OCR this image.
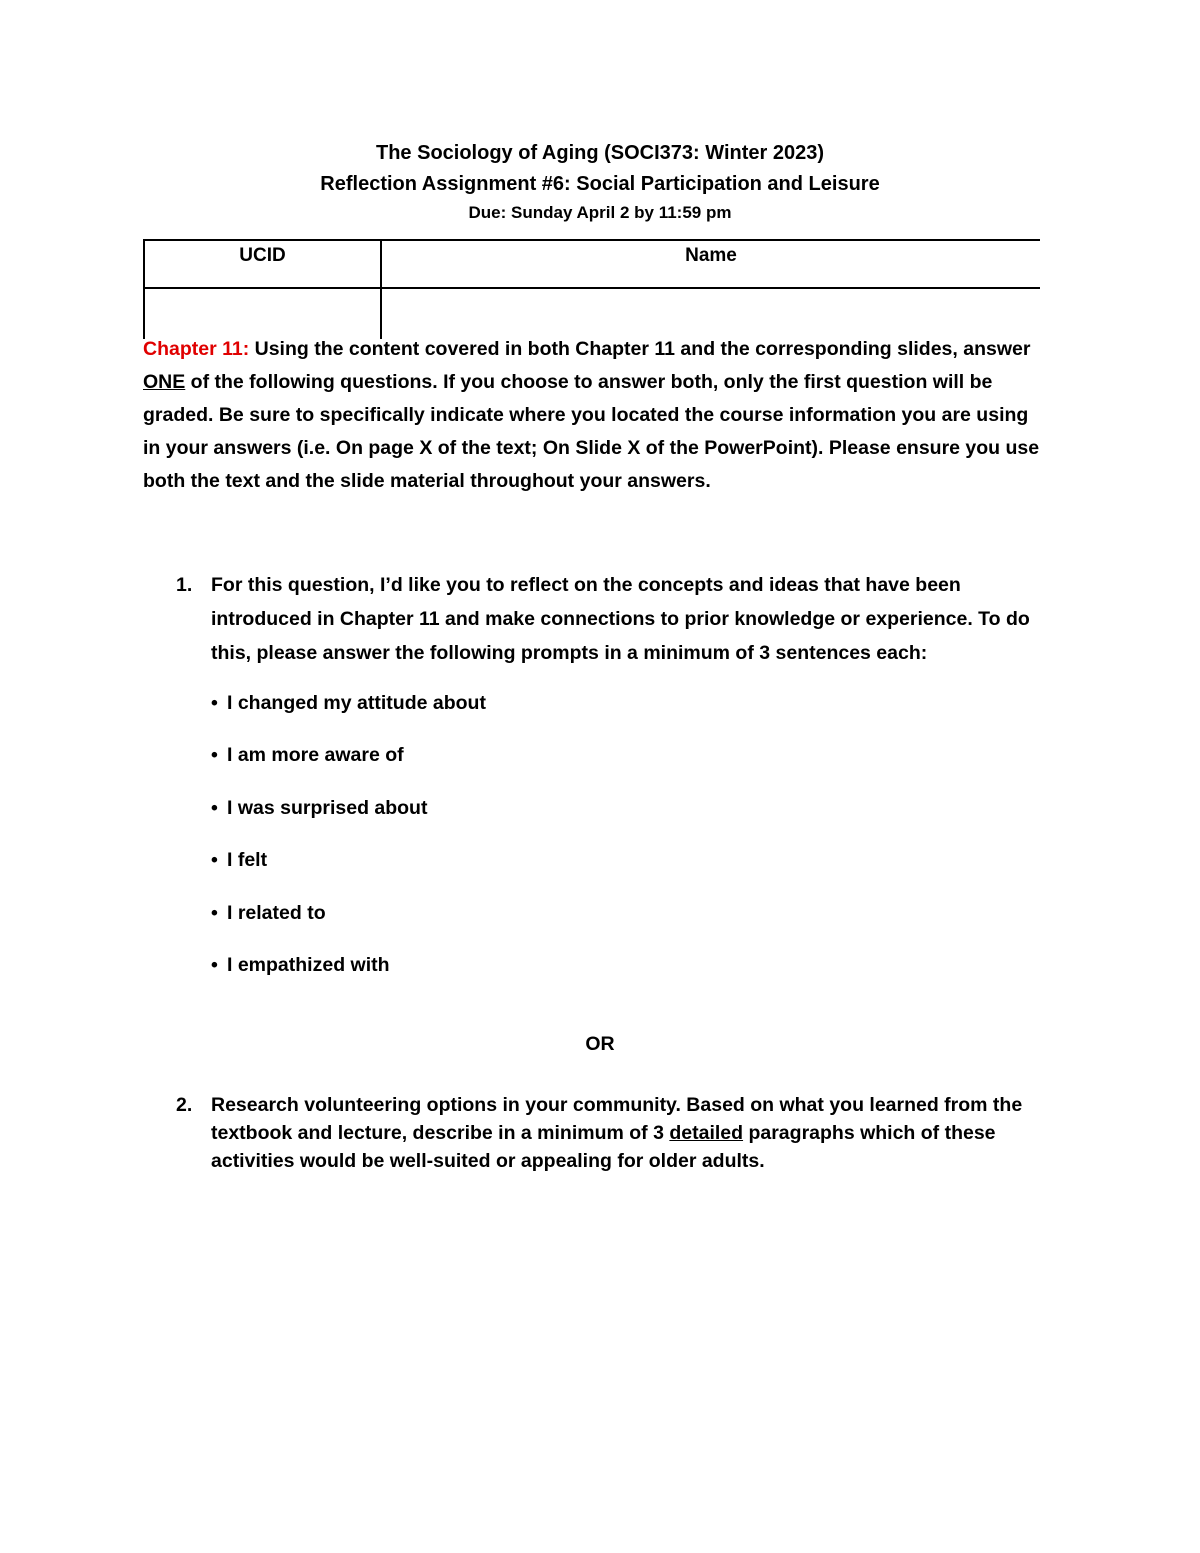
The Sociology of Aging (SOCI373: Winter 2023)
Reflection Assignment #6: Social Participation and Leisure
Due: Sunday April 2 by 11:59 pm
UCID	Name
Chapter 11: Using the content covered in both Chapter 11 and the corresponding slides, answer ONE of the following questions. If you choose to answer both, only the first question will be graded. Be sure to specifically indicate where you located the course information you are using in your answers (i.e. On page X of the text; On Slide X of the PowerPoint). Please ensure you use both the text and the slide material throughout your answers.
1. For this question, I’d like you to reflect on the concepts and ideas that have been introduced in Chapter 11 and make connections to prior knowledge or experience. To do this, please answer the following prompts in a minimum of 3 sentences each:
• I changed my attitude about
• I am more aware of
• I was surprised about
• I felt
• I related to
• I empathized with
OR
2. Research volunteering options in your community. Based on what you learned from the textbook and lecture, describe in a minimum of 3 detailed paragraphs which of these activities would be well-suited or appealing for older adults.
